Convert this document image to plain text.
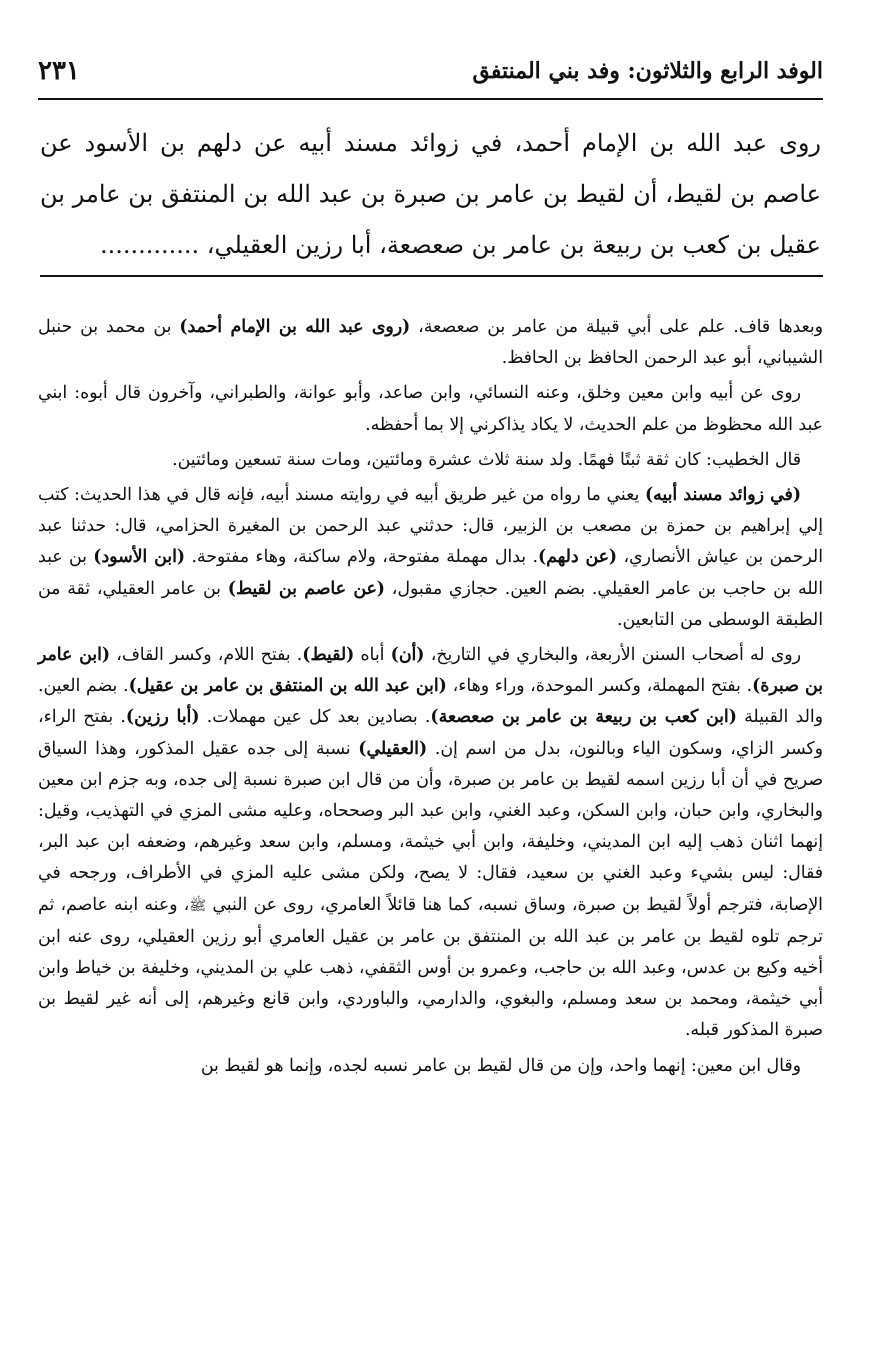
الوفد الرابع والثلاثون: وفد بني المنتفق
٢٣١
روى عبد الله بن الإمام أحمد، في زوائد مسند أبيه عن دلهم بن الأسود عن عاصم بن لقيط، أن لقيط بن عامر بن صبرة بن عبد الله بن المنتفق بن عامر بن عقيل بن كعب بن ربيعة بن عامر بن صعصعة، أبا رزين العقيلي، .............

وبعدها قاف. علم على أبي قبيلة من عامر بن صعصعة، (روى عبد الله بن الإمام أحمد) بن محمد بن حنبل الشيباني، أبو عبد الرحمن الحافظ بن الحافظ.

روى عن أبيه وابن معين وخلق، وعنه النسائي، وابن صاعد، وأبو عوانة، والطبراني، وآخرون قال أبوه: ابني عبد الله محظوظ من علم الحديث، لا يكاد يذاكرني إلا بما أحفظه.

قال الخطيب: كان ثقة ثبتًا فهمًا. ولد سنة ثلاث عشرة ومائتين، ومات سنة تسعين ومائتين.

(في زوائد مسند أبيه) يعني ما رواه من غير طريق أبيه في روايته مسند أبيه، فإنه قال في هذا الحديث: كتب إلي إبراهيم بن حمزة بن مصعب بن الزبير، قال: حدثني عبد الرحمن بن المغيرة الحزامي، قال: حدثنا عبد الرحمن بن عياش الأنصاري، (عن دلهم). بدال مهملة مفتوحة، ولام ساكنة، وهاء مفتوحة. (ابن الأسود) بن عبد الله بن حاجب بن عامر العقيلي. بضم العين. حجازي مقبول، (عن عاصم بن لقيط) بن عامر العقيلي، ثقة من الطبقة الوسطى من التابعين.

روى له أصحاب السنن الأربعة، والبخاري في التاريخ، (أن) أباه (لقيط). بفتح اللام، وكسر القاف، (ابن عامر بن صبرة). بفتح المهملة، وكسر الموحدة، وراء وهاء، (ابن عبد الله بن المنتفق بن عامر بن عقيل). بضم العين. والد القبيلة (ابن كعب بن ربيعة بن عامر بن صعصعة). بصادين بعد كل عين مهملات. (أبا رزين). بفتح الراء، وكسر الزاي، وسكون الياء وبالنون، بدل من اسم إن. (العقيلي) نسبة إلى جده عقيل المذكور، وهذا السياق صريح في أن أبا رزين اسمه لقيط بن عامر بن صبرة، وأن من قال ابن صبرة نسبة إلى جده، وبه جزم ابن معين والبخاري، وابن حبان، وابن السكن، وعبد الغني، وابن عبد البر وصححاه، وعليه مشى المزي في التهذيب، وقيل: إنهما اثنان ذهب إليه ابن المديني، وخليفة، وابن أبي خيثمة، ومسلم، وابن سعد وغيرهم، وضعفه ابن عبد البر، فقال: ليس بشيء وعبد الغني بن سعيد، فقال: لا يصح، ولكن مشى عليه المزي في الأطراف، ورجحه في الإصابة، فترجم أولاً لقيط بن صبرة، وساق نسبه، كما هنا قائلاً العامري، روى عن النبي ﷺ، وعنه ابنه عاصم، ثم ترجم تلوه لقيط بن عامر بن عبد الله بن المنتفق بن عامر بن عقيل العامري أبو رزين العقيلي، روى عنه ابن أخيه وكيع بن عدس، وعبد الله بن حاجب، وعمرو بن أوس الثقفي، ذهب علي بن المديني، وخليفة بن خياط وابن أبي خيثمة، ومحمد بن سعد ومسلم، والبغوي، والدارمي، والباوردي، وابن قانع وغيرهم، إلى أنه غير لقيط بن صبرة المذكور قبله.

وقال ابن معين: إنهما واحد، وإن من قال لقيط بن عامر نسبه لجده، وإنما هو لقيط بن
